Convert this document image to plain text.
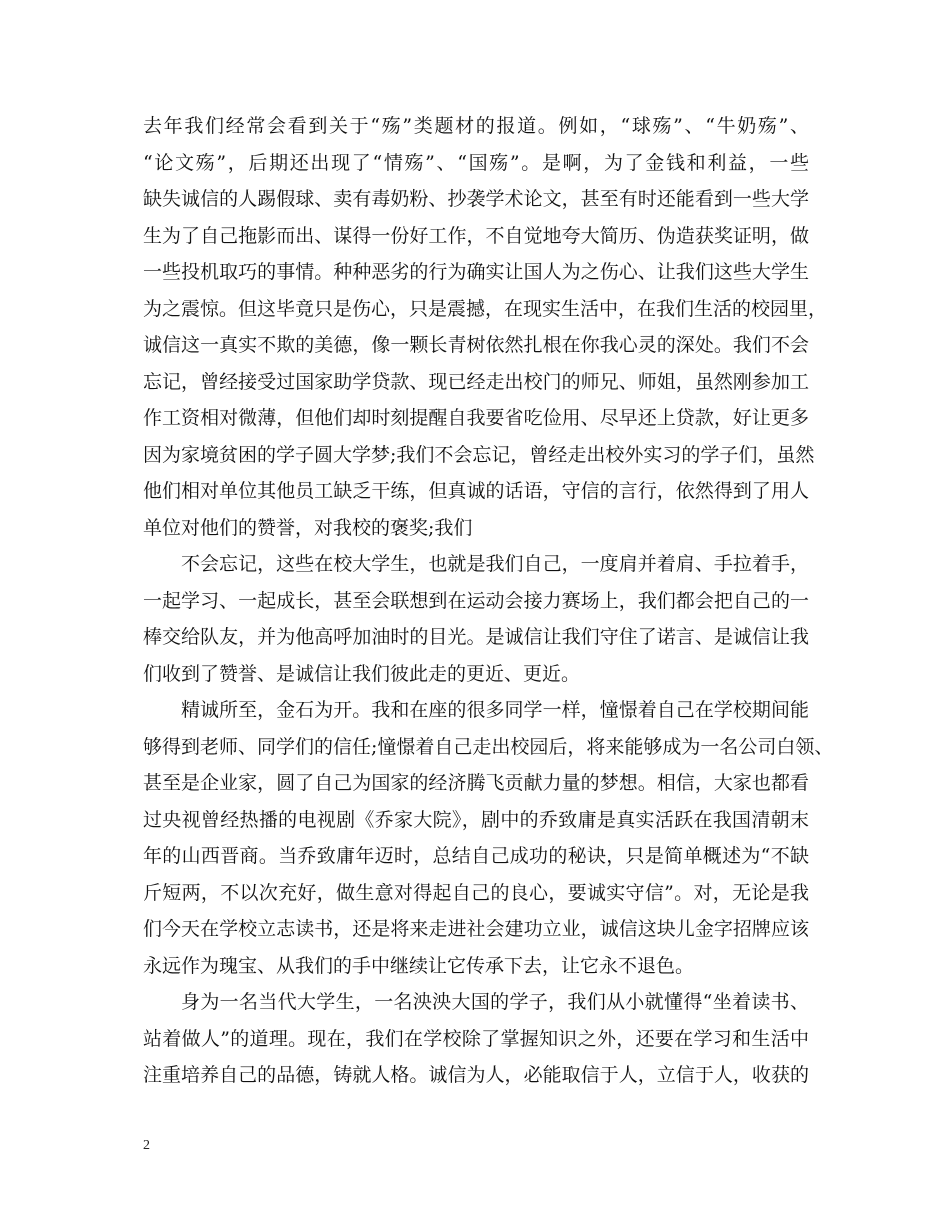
去年我们经常会看到关于“殇”类题材的报道。例如，“球殇”、“牛奶殇”、
“论文殇”，后期还出现了“情殇”、“国殇”。是啊，为了金钱和利益，一些
缺失诚信的人踢假球、卖有毒奶粉、抄袭学术论文，甚至有时还能看到一些大学
生为了自己拖影而出、谋得一份好工作，不自觉地夸大简历、伪造获奖证明，做
一些投机取巧的事情。种种恶劣的行为确实让国人为之伤心、让我们这些大学生
为之震惊。但这毕竟只是伤心，只是震撼，在现实生活中，在我们生活的校园里，
诚信这一真实不欺的美德，像一颗长青树依然扎根在你我心灵的深处。我们不会
忘记，曾经接受过国家助学贷款、现已经走出校门的师兄、师姐，虽然刚参加工
作工资相对微薄，但他们却时刻提醒自我要省吃俭用、尽早还上贷款，好让更多
因为家境贫困的学子圆大学梦;我们不会忘记，曾经走出校外实习的学子们，虽然
他们相对单位其他员工缺乏干练，但真诚的话语，守信的言行，依然得到了用人
单位对他们的赞誉，对我校的褒奖;我们
不会忘记，这些在校大学生，也就是我们自己，一度肩并着肩、手拉着手，
一起学习、一起成长，甚至会联想到在运动会接力赛场上，我们都会把自己的一
棒交给队友，并为他高呼加油时的目光。是诚信让我们守住了诺言、是诚信让我
们收到了赞誉、是诚信让我们彼此走的更近、更近。
精诚所至，金石为开。我和在座的很多同学一样，憧憬着自己在学校期间能
够得到老师、同学们的信任;憧憬着自己走出校园后，将来能够成为一名公司白领、
甚至是企业家，圆了自己为国家的经济腾飞贡献力量的梦想。相信，大家也都看
过央视曾经热播的电视剧《乔家大院》，剧中的乔致庸是真实活跃在我国清朝末
年的山西晋商。当乔致庸年迈时，总结自己成功的秘诀，只是简单概述为“不缺
斤短两，不以次充好，做生意对得起自己的良心，要诚实守信”。对，无论是我
们今天在学校立志读书，还是将来走进社会建功立业，诚信这块儿金字招牌应该
永远作为瑰宝、从我们的手中继续让它传承下去，让它永不退色。
身为一名当代大学生，一名泱泱大国的学子，我们从小就懂得“坐着读书、
站着做人”的道理。现在，我们在学校除了掌握知识之外，还要在学习和生活中
注重培养自己的品德，铸就人格。诚信为人，必能取信于人，立信于人，收获的
2
